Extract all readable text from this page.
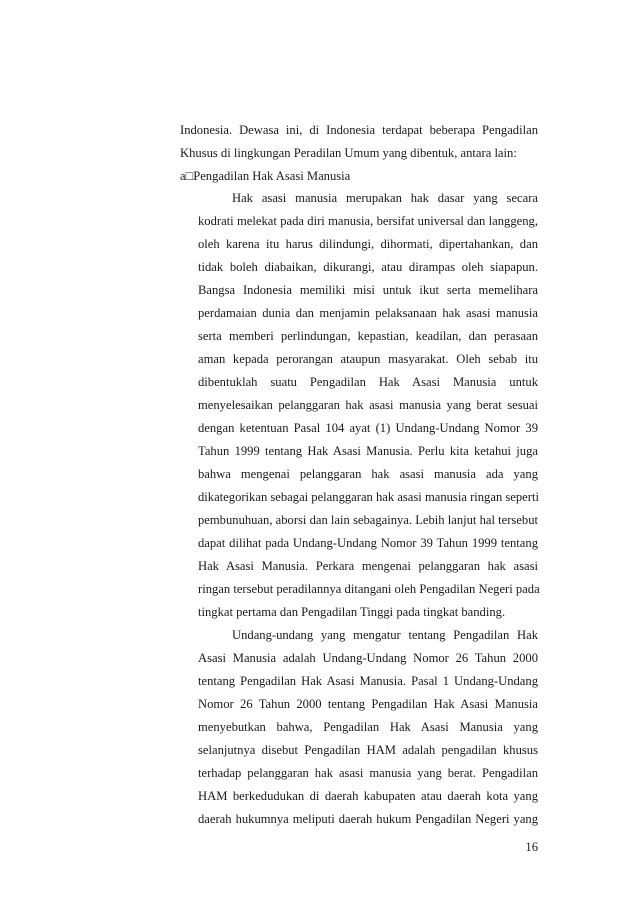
Indonesia. Dewasa ini, di Indonesia terdapat beberapa Pengadilan
Khusus di lingkungan Peradilan Umum yang dibentuk, antara lain:
a□Pengadilan Hak Asasi Manusia
Hak asasi manusia merupakan hak dasar yang secara
kodrati melekat pada diri manusia, bersifat universal dan langgeng,
oleh karena itu harus dilindungi, dihormati, dipertahankan, dan
tidak boleh diabaikan, dikurangi, atau dirampas oleh siapapun.
Bangsa Indonesia memiliki misi untuk ikut serta memelihara
perdamaian dunia dan menjamin pelaksanaan hak asasi manusia
serta memberi perlindungan, kepastian, keadilan, dan perasaan
aman kepada perorangan ataupun masyarakat. Oleh sebab itu
dibentuklah suatu Pengadilan Hak Asasi Manusia untuk
menyelesaikan pelanggaran hak asasi manusia yang berat sesuai
dengan ketentuan Pasal 104 ayat (1) Undang-Undang Nomor 39
Tahun 1999 tentang Hak Asasi Manusia. Perlu kita ketahui juga
bahwa mengenai pelanggaran hak asasi manusia ada yang
dikategorikan sebagai pelanggaran hak asasi manusia ringan seperti
pembunuhuan, aborsi dan lain sebagainya. Lebih lanjut hal tersebut
dapat dilihat pada Undang-Undang Nomor 39 Tahun 1999 tentang
Hak Asasi Manusia. Perkara mengenai pelanggaran hak asasi
ringan tersebut peradilannya ditangani oleh Pengadilan Negeri pada
tingkat pertama dan Pengadilan Tinggi pada tingkat banding.
Undang-undang yang mengatur tentang Pengadilan Hak
Asasi Manusia adalah Undang-Undang Nomor 26 Tahun 2000
tentang Pengadilan Hak Asasi Manusia. Pasal 1 Undang-Undang
Nomor 26 Tahun 2000 tentang Pengadilan Hak Asasi Manusia
menyebutkan bahwa, Pengadilan Hak Asasi Manusia yang
selanjutnya disebut Pengadilan HAM adalah pengadilan khusus
terhadap pelanggaran hak asasi manusia yang berat. Pengadilan
HAM berkedudukan di daerah kabupaten atau daerah kota yang
daerah hukumnya meliputi daerah hukum Pengadilan Negeri yang
16
